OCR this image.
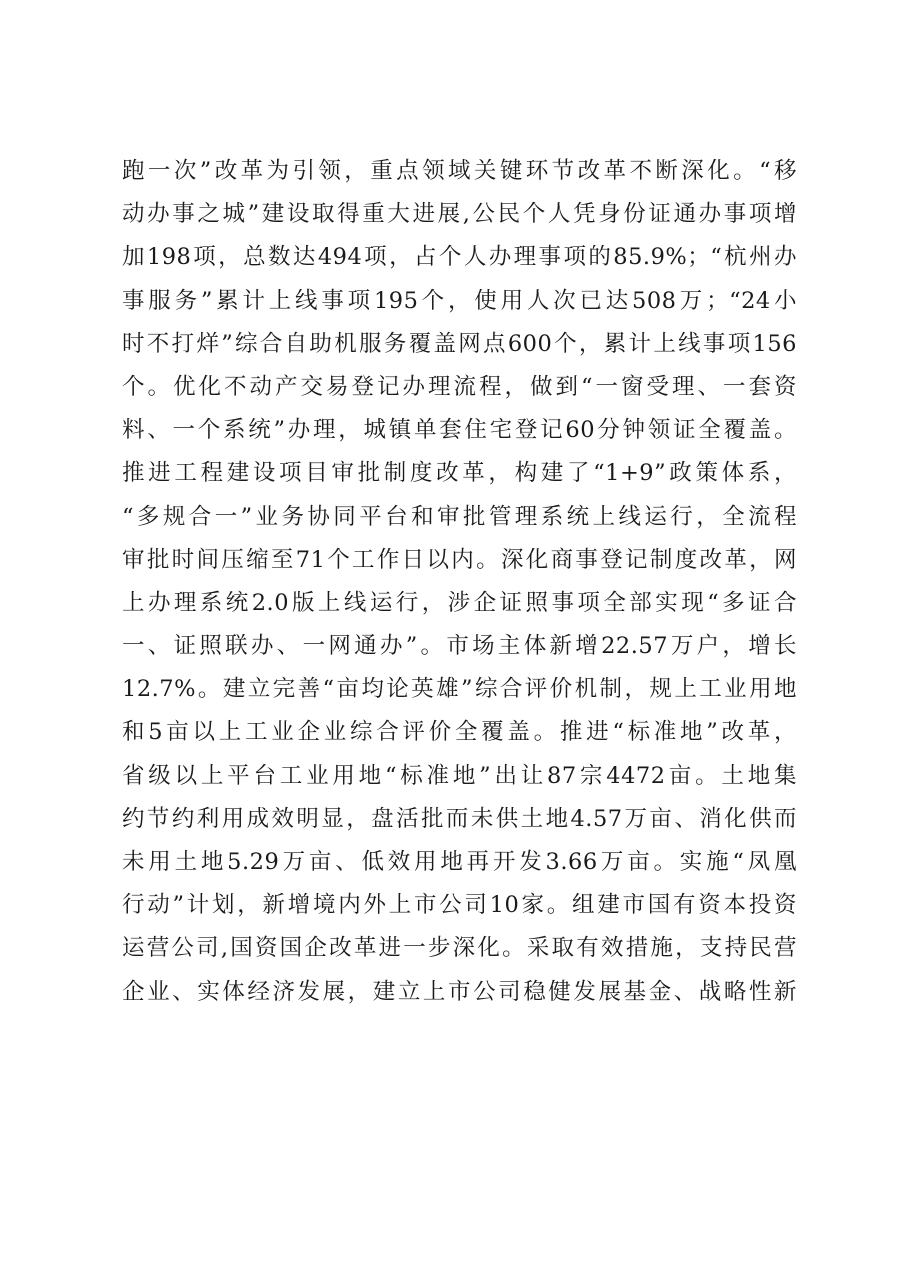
跑一次”改革为引领，重点领域关键环节改革不断深化。“移
动办事之城”建设取得重大进展,公民个人凭身份证通办事项增
加198项，总数达494项，占个人办理事项的85.9%；“杭州办
事服务”累计上线事项195个，使用人次已达508万；“24小
时不打烊”综合自助机服务覆盖网点600个，累计上线事项156
个。优化不动产交易登记办理流程，做到“一窗受理、一套资
料、一个系统”办理，城镇单套住宅登记60分钟领证全覆盖。
推进工程建设项目审批制度改革，构建了“1+9”政策体系，
“多规合一”业务协同平台和审批管理系统上线运行，全流程
审批时间压缩至71个工作日以内。深化商事登记制度改革，网
上办理系统2.0版上线运行，涉企证照事项全部实现“多证合
一、证照联办、一网通办”。市场主体新增22.57万户，增长
12.7%。建立完善“亩均论英雄”综合评价机制，规上工业用地
和5亩以上工业企业综合评价全覆盖。推进“标准地”改革，
省级以上平台工业用地“标准地”出让87宗4472亩。土地集
约节约利用成效明显，盘活批而未供土地4.57万亩、消化供而
未用土地5.29万亩、低效用地再开发3.66万亩。实施“凤凰
行动”计划，新增境内外上市公司10家。组建市国有资本投资
运营公司,国资国企改革进一步深化。采取有效措施，支持民营
企业、实体经济发展，建立上市公司稳健发展基金、战略性新
